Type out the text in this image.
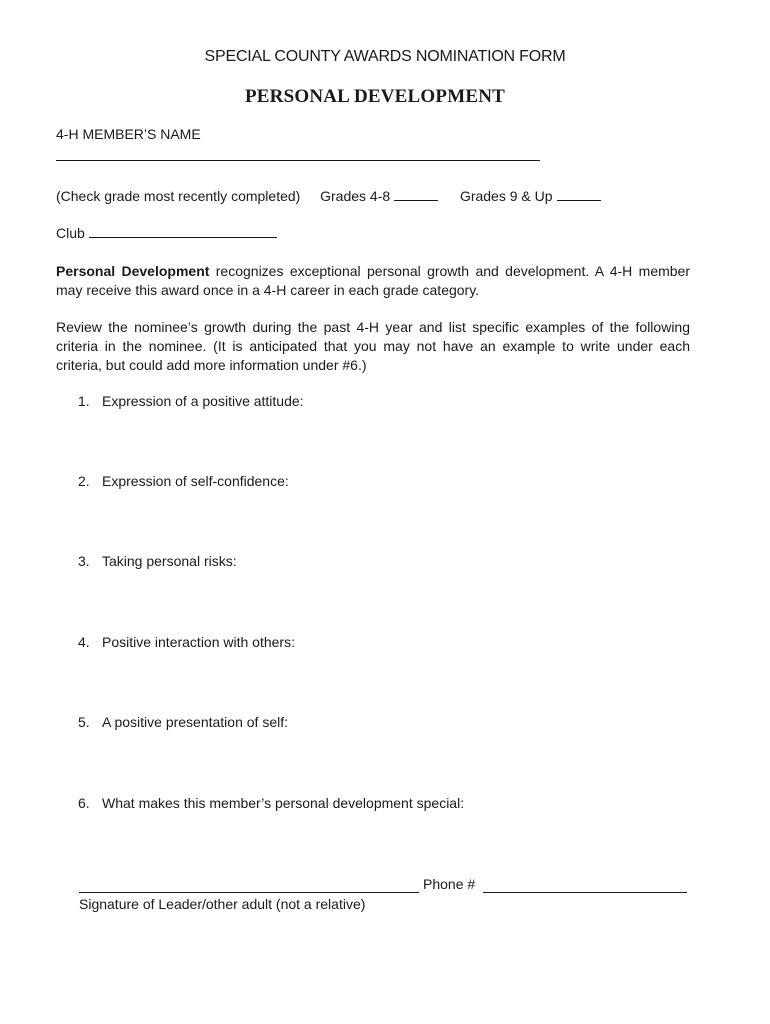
SPECIAL COUNTY AWARDS NOMINATION FORM
PERSONAL DEVELOPMENT
4-H MEMBER’S NAME
(Check grade most recently completed) Grades 4-8	Grades 9 & Up
Club
Personal Development recognizes exceptional personal growth and development. A 4-H member may receive this award once in a 4-H career in each grade category.
Review the nominee’s growth during the past 4-H year and list specific examples of the following criteria in the nominee. (It is anticipated that you may not have an example to write under each criteria, but could add more information under #6.)
1. Expression of a positive attitude:
2. Expression of self-confidence:
3. Taking personal risks:
4. Positive interaction with others:
5. A positive presentation of self:
6. What makes this member’s personal development special:
Phone #
Signature of Leader/other adult (not a relative)
